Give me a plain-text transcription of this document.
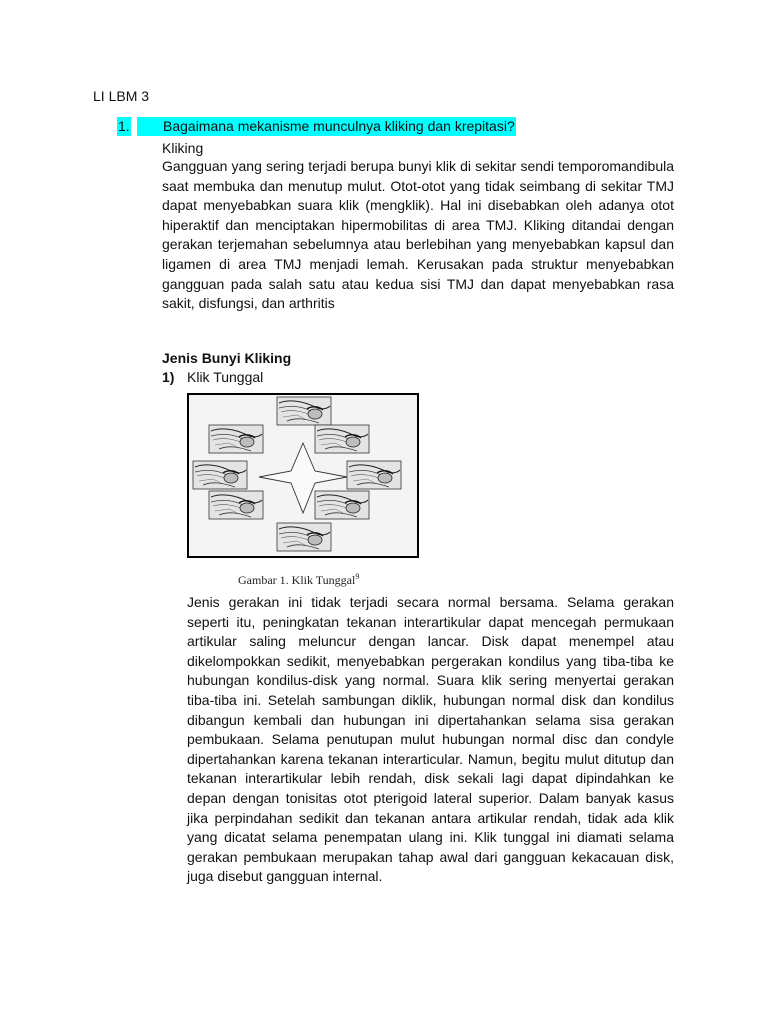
LI LBM 3
1. Bagaimana mekanisme munculnya kliking dan krepitasi?
Kliking
Gangguan yang sering terjadi berupa bunyi klik di sekitar sendi temporomandibula saat membuka dan menutup mulut. Otot-otot yang tidak seimbang di sekitar TMJ dapat menyebabkan suara klik (mengklik). Hal ini disebabkan oleh adanya otot hiperaktif dan menciptakan hipermobilitas di area TMJ. Kliking ditandai dengan gerakan terjemahan sebelumnya atau berlebihan yang menyebabkan kapsul dan ligamen di area TMJ menjadi lemah. Kerusakan pada struktur menyebabkan gangguan pada salah satu atau kedua sisi TMJ dan dapat menyebabkan rasa sakit, disfungsi, dan arthritis
Jenis Bunyi Kliking
1) Klik Tunggal
Gambar 1. Klik Tunggal$^9$
Jenis gerakan ini tidak terjadi secara normal bersama. Selama gerakan seperti itu, peningkatan tekanan interartikular dapat mencegah permukaan artikular saling meluncur dengan lancar. Disk dapat menempel atau dikelompokkan sedikit, menyebabkan pergerakan kondilus yang tiba-tiba ke hubungan kondilus-disk yang normal. Suara klik sering menyertai gerakan tiba-tiba ini. Setelah sambungan diklik, hubungan normal disk dan kondilus dibangun kembali dan hubungan ini dipertahankan selama sisa gerakan pembukaan. Selama penutupan mulut hubungan normal disc dan condyle dipertahankan karena tekanan interarticular. Namun, begitu mulut ditutup dan tekanan interartikular lebih rendah, disk sekali lagi dapat dipindahkan ke depan dengan tonisitas otot pterigoid lateral superior. Dalam banyak kasus jika perpindahan sedikit dan tekanan antara artikular rendah, tidak ada klik yang dicatat selama penempatan ulang ini. Klik tunggal ini diamati selama gerakan pembukaan merupakan tahap awal dari gangguan kekacauan disk, juga disebut gangguan internal.
